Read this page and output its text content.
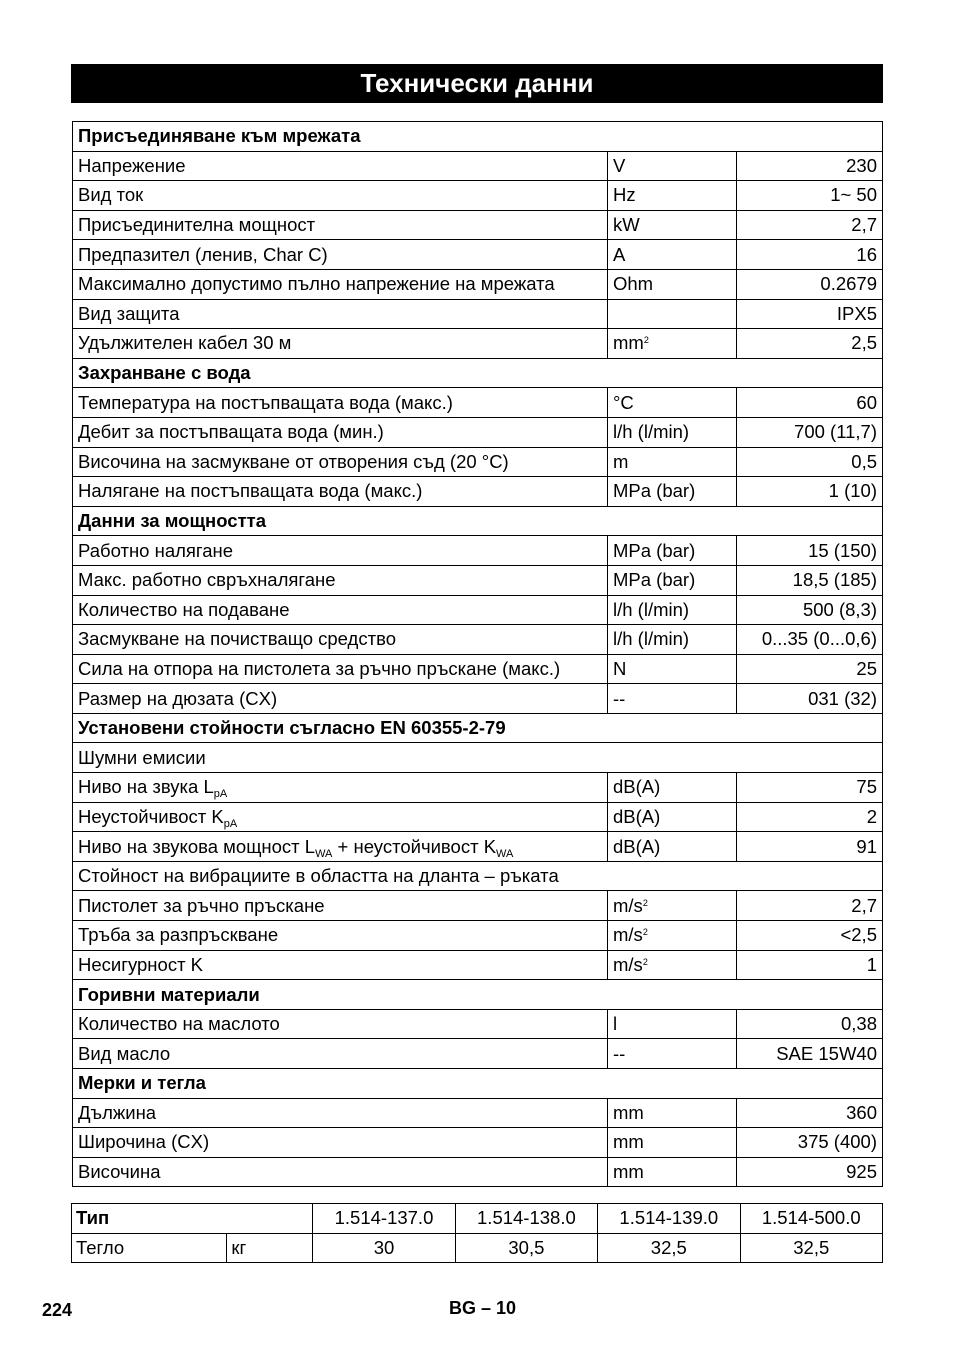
Технически данни
Присъединяване към мрежата		
Напрежение	V	230
Вид ток	Hz	1~ 50
Присъединителна мощност	kW	2,7
Предпазител (ленив, Char C)	A	16
Максимално допустимо пълно напрежение на мрежата	Ohm	0.2679
Вид защита		IPX5
Удължителен кабел 30 м	$mm^2$	2,5
Захранване с вода		
Температура на постъпващата вода (макс.)	°C	60
Дебит за постъпващата вода (мин.)	l/h (l/min)	700 (11,7)
Височина на засмукване от отворения съд (20 °C)	m	0,5
Налягане на постъпващата вода (макс.)	MPa (bar)	1 (10)
Данни за мощността		
Работно налягане	MPa (bar)	15 (150)
Макс. работно свръхналягане	MPa (bar)	18,5 (185)
Количество на подаване	l/h (l/min)	500 (8,3)
Засмукване на почистващо средство	l/h (l/min)	0...35 (0...0,6)
Сила на отпора на пистолета за ръчно пръскане (макс.)	N	25
Размер на дюзата (CX)	--	031 (32)
Установени стойности съгласно EN 60355-2-79		
Шумни емисии		
Ниво на звука $L_{pA}$	dB(A)	75
Неустойчивост $K_{pA}$	dB(A)	2
Ниво на звукова мощност $L_{WA}$ + неустойчивост $K_{WA}$	dB(A)	91
Стойност на вибрациите в областта на дланта – ръката		
Пистолет за ръчно пръскане	$m/s^2$	2,7
Тръба за разпръскване	$m/s^2$	<2,5
Несигурност K	$m/s^2$	1
Горивни материали		
Количество на маслото	l	0,38
Вид масло	--	SAE 15W40
Мерки и тегла		
Дължина	mm	360
Широчина (CX)	mm	375 (400)
Височина	mm	925
Тип		1.514-137.0	1.514-138.0	1.514-139.0	1.514-500.0
Тегло	кг	30	30,5	32,5	32,5
224	BG – 10
